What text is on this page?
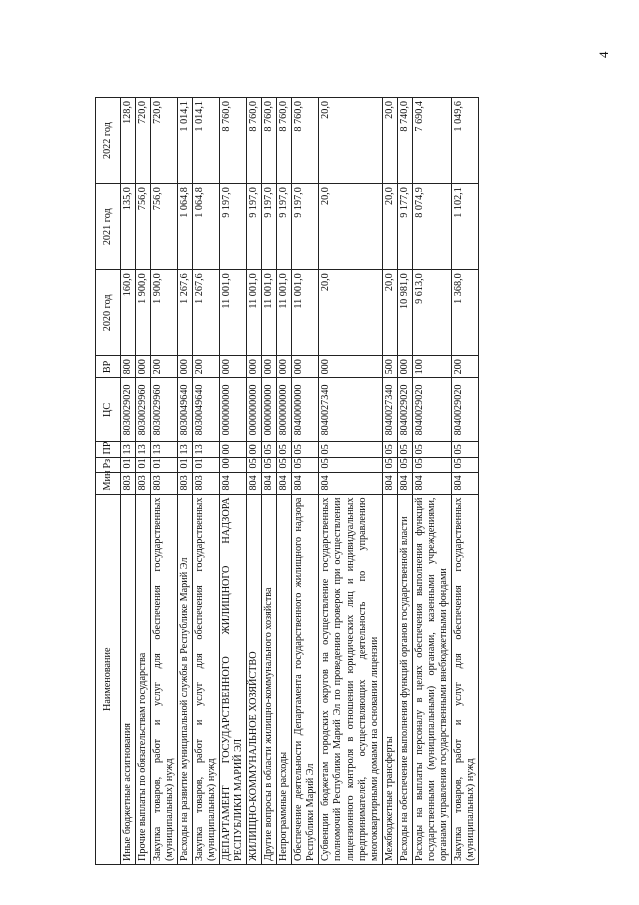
4
Наименование	Мин	Рз	ПР	ЦС	ВР	2020 год	2021 год	2022 год
Иные бюджетные ассигнования	803	01	13	8030029020	800	160,0	135,0	128,0
Прочие выплаты по обязательствам государства	803	01	13	8030029960	000	1 900,0	756,0	720,0
Закупка товаров, работ и услуг для обеспечения государственных (муниципальных) нужд	803	01	13	8030029960	200	1 900,0	756,0	720,0
Расходы на развитие муниципальной службы в Республике Марий Эл	803	01	13	8030049640	000	1 267,6	1 064,8	1 014,1
Закупка товаров, работ и услуг для обеспечения государственных (муниципальных) нужд	803	01	13	8030049640	200	1 267,6	1 064,8	1 014,1
ДЕПАРТАМЕНТ ГОСУДАРСТВЕННОГО ЖИЛИЩНОГО НАДЗОРА РЕСПУБЛИКИ МАРИЙ ЭЛ	804	00	00	0000000000	000	11 001,0	9 197,0	8 760,0
ЖИЛИЩНО-КОММУНАЛЬНОЕ ХОЗЯЙСТВО	804	05	00	0000000000	000	11 001,0	9 197,0	8 760,0
Другие вопросы в области жилищно-коммунального хозяйства	804	05	05	0000000000	000	11 001,0	9 197,0	8 760,0
Непрограммные расходы	804	05	05	8000000000	000	11 001,0	9 197,0	8 760,0
Обеспечение деятельности Департамента государственного жилищного надзора Республики Марий Эл	804	05	05	8040000000	000	11 001,0	9 197,0	8 760,0
Субвенции бюджетам городских округов на осуществление государственных полномочий Республики Марий Эл по проведению проверок при осуществлении лицензионного контроля в отношении юридических лиц и индивидуальных предпринимателей, осуществляющих деятельность по управлению многоквартирными домами на основании лицензии	804	05	05	8040027340	000	20,0	20,0	20,0
Межбюджетные трансферты	804	05	05	8040027340	500	20,0	20,0	20,0
Расходы на обеспечение выполнения функций органов государственной власти	804	05	05	8040029020	000	10 981,0	9 177,0	8 740,0
Расходы на выплаты персоналу в целях обеспечения выполнения функций государственными (муниципальными) органами, казенными учреждениями, органами управления государственными внебюджетными фондами	804	05	05	8040029020	100	9 613,0	8 074,9	7 690,4
Закупка товаров, работ и услуг для обеспечения государственных (муниципальных) нужд	804	05	05	8040029020	200	1 368,0	1 102,1	1 049,6
